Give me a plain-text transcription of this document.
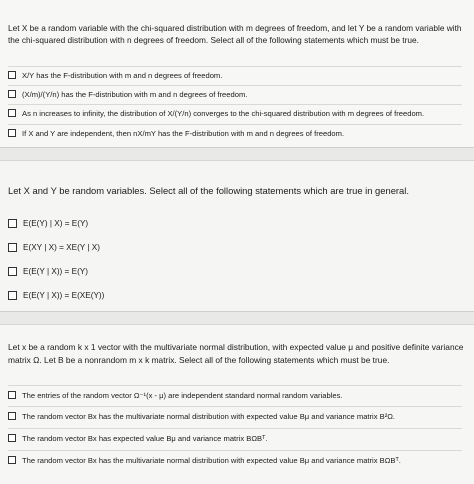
Let X be a random variable with the chi-squared distribution with m degrees of freedom, and let Y be a random variable with the chi-squared distribution with n degrees of freedom. Select all of the following statements which must be true.

X/Y has the F-distribution with m and n degrees of freedom.
(X/m)/(Y/n) has the F-distribution with m and n degrees of freedom.
As n increases to infinity, the distribution of X/(Y/n) converges to the chi-squared distribution with m degrees of freedom.
If X and Y are independent, then nX/mY has the F-distribution with m and n degrees of freedom.

Let X and Y be random variables. Select all of the following statements which are true in general.

E(E(Y) | X) = E(Y)
E(XY | X) = XE(Y | X)
E(E(Y | X)) = E(Y)
E(E(Y | X)) = E(XE(Y))

Let x be a random k x 1 vector with the multivariate normal distribution, with expected value μ and positive definite variance matrix Ω. Let B be a nonrandom m x k matrix. Select all of the following statements which must be true.

The entries of the random vector Ω⁻¹(x - μ) are independent standard normal random variables.
The random vector Bx has the multivariate normal distribution with expected value Bμ and variance matrix B²Ω.
The random vector Bx has expected value Bμ and variance matrix BΩBᵀ.
The random vector Bx has the multivariate normal distribution with expected value Bμ and variance matrix BΩBᵀ.
